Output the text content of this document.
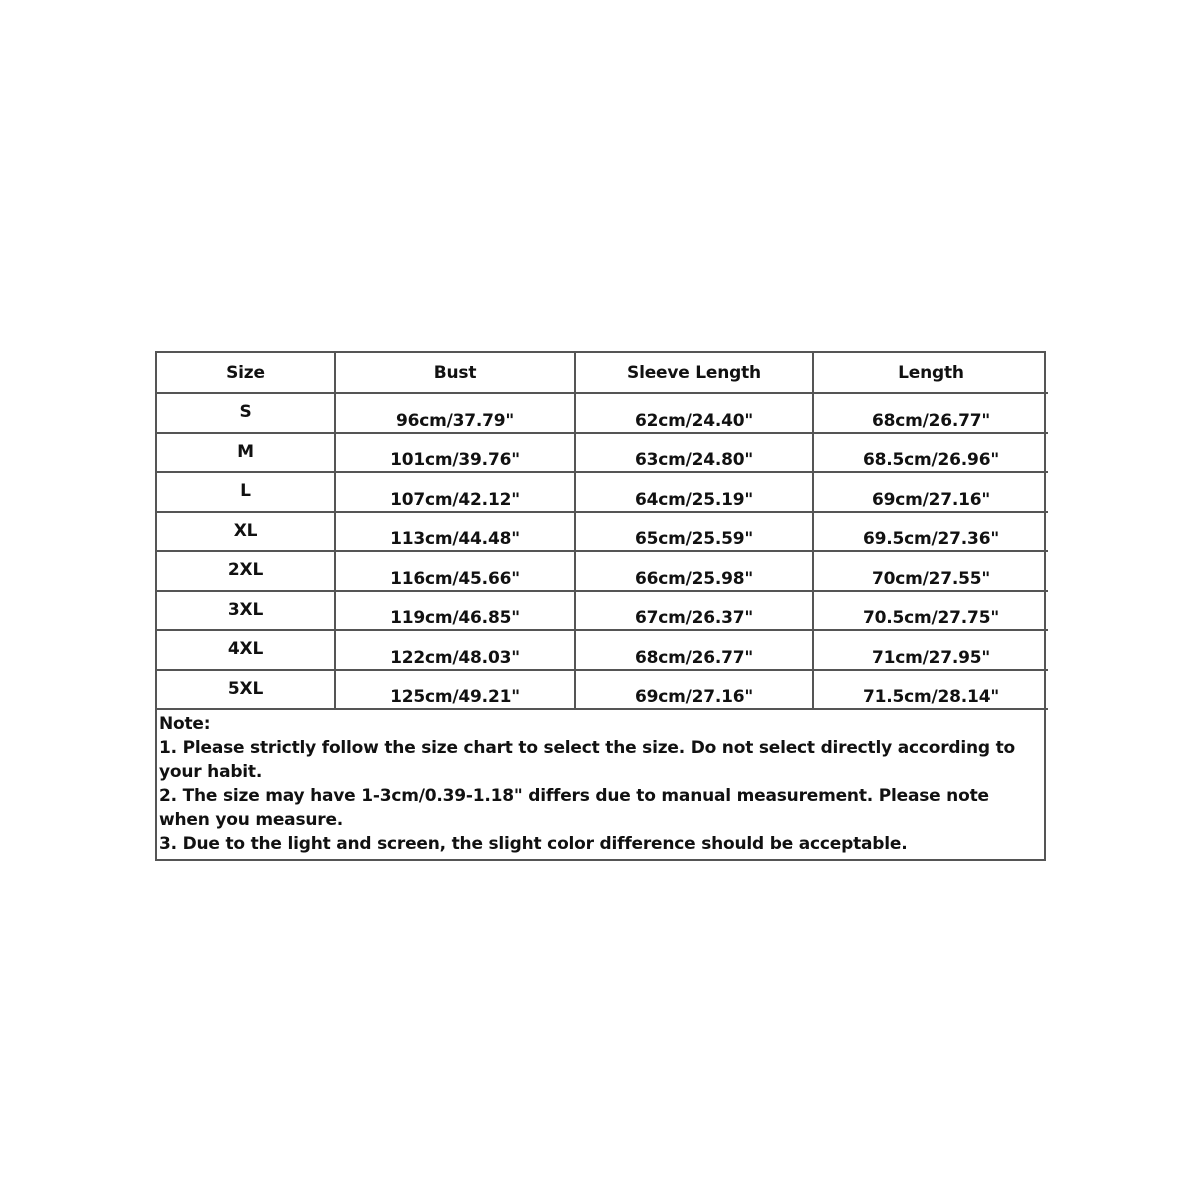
Size	Bust	Sleeve Length	Length
S	96cm/37.79"	62cm/24.40"	68cm/26.77"
M	101cm/39.76"	63cm/24.80"	68.5cm/26.96"
L	107cm/42.12"	64cm/25.19"	69cm/27.16"
XL	113cm/44.48"	65cm/25.59"	69.5cm/27.36"
2XL	116cm/45.66"	66cm/25.98"	70cm/27.55"
3XL	119cm/46.85"	67cm/26.37"	70.5cm/27.75"
4XL	122cm/48.03"	68cm/26.77"	71cm/27.95"
5XL	125cm/49.21"	69cm/27.16"	71.5cm/28.14"
Note:
1. Please strictly follow the size chart to select the size. Do not select directly according to your habit.
2. The size may have 1-3cm/0.39-1.18" differs due to manual measurement. Please note when you measure.
3. Due to the light and screen, the slight color difference should be acceptable.
